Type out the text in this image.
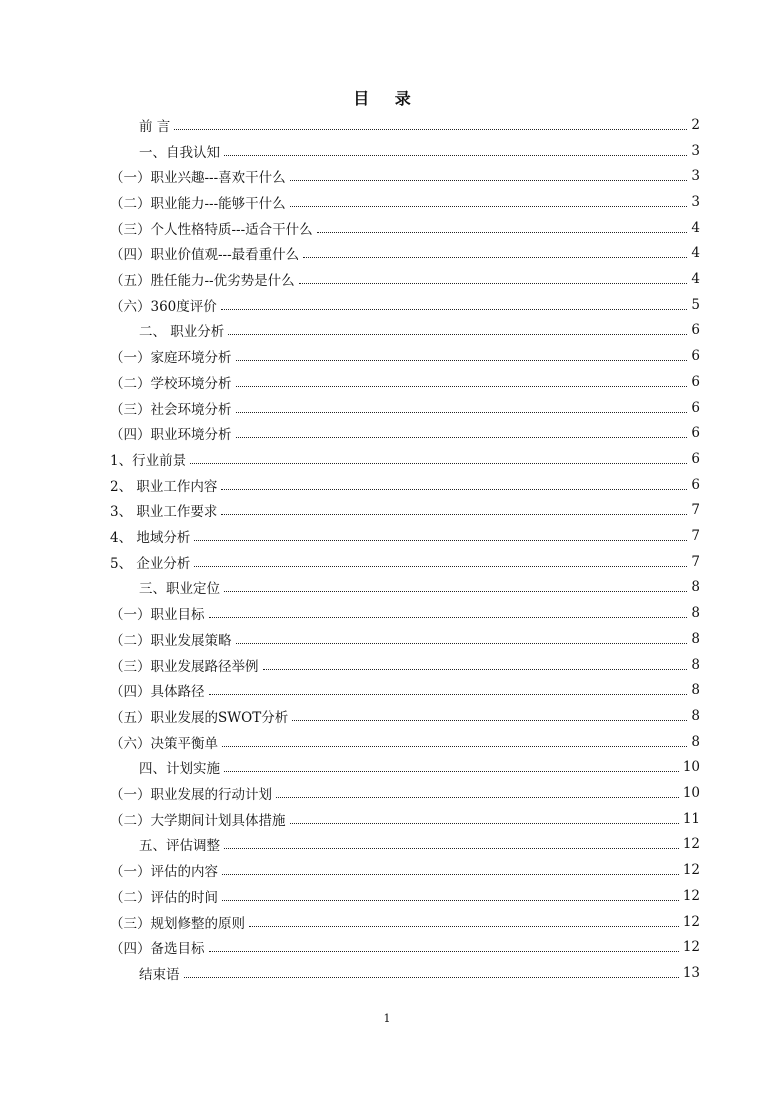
目 录
前 言	2
一、自我认知	3
（一）职业兴趣---喜欢干什么	3
（二）职业能力---能够干什么	3
（三）个人性格特质---适合干什么	4
（四）职业价值观---最看重什么	4
（五）胜任能力--优劣势是什么	4
（六）360度评价	5
二、 职业分析	6
（一）家庭环境分析	6
（二）学校环境分析	6
（三）社会环境分析	6
（四）职业环境分析	6
1、行业前景	6
2、 职业工作内容	6
3、 职业工作要求	7
4、 地域分析	7
5、 企业分析	7
三、职业定位	8
（一）职业目标	8
（二）职业发展策略	8
（三）职业发展路径举例	8
（四）具体路径	8
（五）职业发展的SWOT分析	8
（六）决策平衡单	8
四、计划实施	10
（一）职业发展的行动计划	10
（二）大学期间计划具体措施	11
五、评估调整	12
（一）评估的内容	12
（二）评估的时间	12
（三）规划修整的原则	12
（四）备选目标	12
结束语	13
1
